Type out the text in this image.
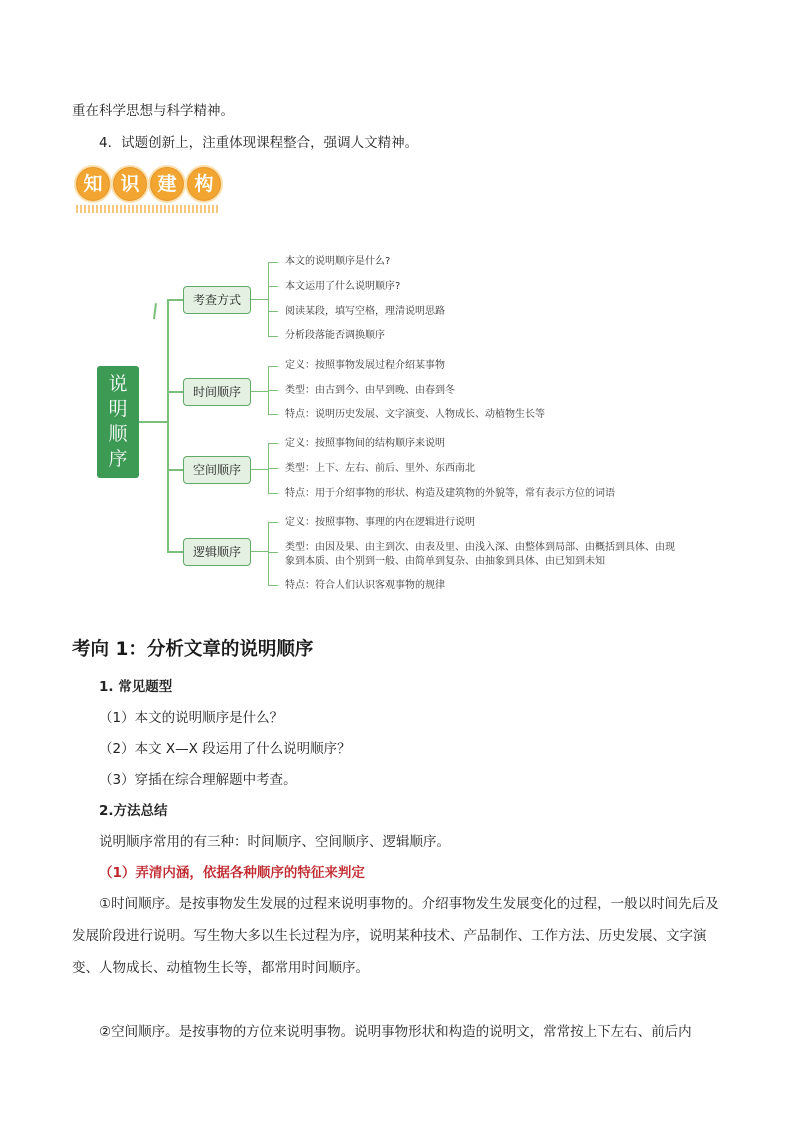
重在科学思想与科学精神。
4．试题创新上，注重体现课程整合，强调人文精神。
知 识 建 构
说
明
顺
序
考查方式
时间顺序
空间顺序
逻辑顺序
本文的说明顺序是什么?
本文运用了什么说明顺序?
阅读某段，填写空格，理清说明思路
分析段落能否调换顺序
定义：按照事物发展过程介绍某事物
类型：由古到今、由早到晚、由春到冬
特点：说明历史发展、文字演变、人物成长、动植物生长等
定义：按照事物间的结构顺序来说明
类型：上下、左右、前后、里外、东西南北
特点：用于介绍事物的形状、构造及建筑物的外貌等，常有表示方位的词语
定义：按照事物、事理的内在逻辑进行说明
类型：由因及果、由主到次、由表及里、由浅入深、由整体到局部、由概括到具体、由现
象到本质、由个别到一般、由简单到复杂、由抽象到具体、由已知到未知
特点：符合人们认识客观事物的规律
考向 1：分析文章的说明顺序
1. 常见题型
（1）本文的说明顺序是什么？
（2）本文 X—X 段运用了什么说明顺序？
（3）穿插在综合理解题中考查。
2.方法总结
说明顺序常用的有三种：时间顺序、空间顺序、逻辑顺序。
（1）弄清内涵，依据各种顺序的特征来判定
①时间顺序。是按事物发生发展的过程来说明事物的。介绍事物发生发展变化的过程，一般以时间先后及发展阶段进行说明。写生物大多以生长过程为序，说明某种技术、产品制作、工作方法、历史发展、文字演变、人物成长、动植物生长等，都常用时间顺序。
②空间顺序。是按事物的方位来说明事物。说明事物形状和构造的说明文，常常按上下左右、前后内
